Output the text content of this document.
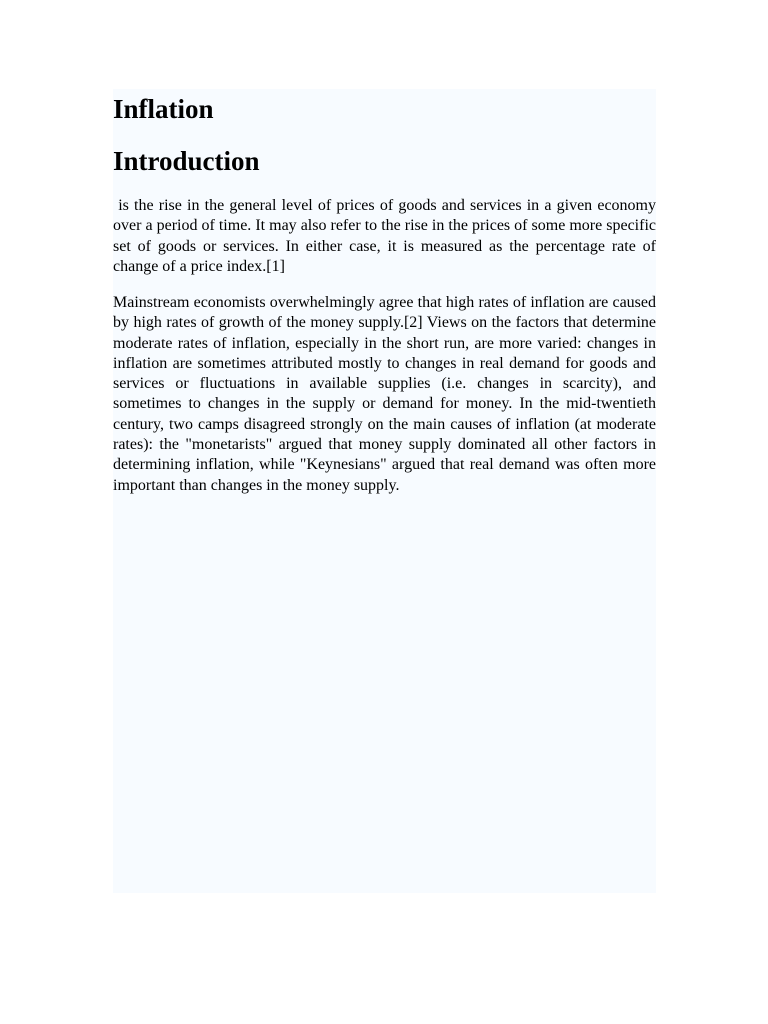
Inflation
Introduction

is the rise in the general level of prices of goods and services in a given economy over a period of time. It may also refer to the rise in the prices of some more specific set of goods or services. In either case, it is measured as the percentage rate of change of a price index.[1]

Mainstream economists overwhelmingly agree that high rates of inflation are caused by high rates of growth of the money supply.[2] Views on the factors that determine moderate rates of inflation, especially in the short run, are more varied: changes in inflation are sometimes attributed mostly to changes in real demand for goods and services or fluctuations in available supplies (i.e. changes in scarcity), and sometimes to changes in the supply or demand for money. In the mid-twentieth century, two camps disagreed strongly on the main causes of inflation (at moderate rates): the "monetarists" argued that money supply dominated all other factors in determining inflation, while "Keynesians" argued that real demand was often more important than changes in the money supply.
